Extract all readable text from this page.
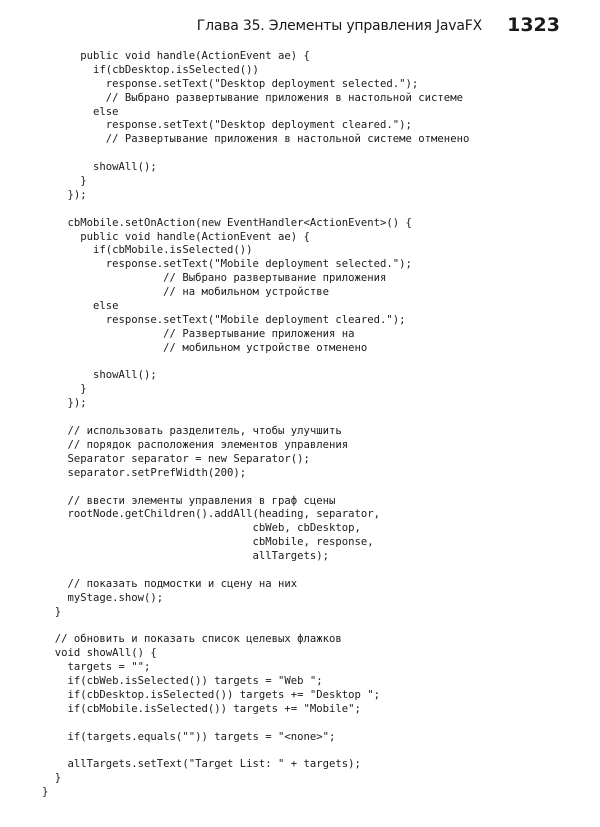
Глава 35. Элементы управления JavaFX 1323
public void handle(ActionEvent ae) {
if(cbDesktop.isSelected())
response.setText("Desktop deployment selected.");
// Выбрано развертывание приложения в настольной системе
else
response.setText("Desktop deployment cleared.");
// Развертывание приложения в настольной системе отменено
showAll();
}
});
cbMobile.setOnAction(new EventHandler<ActionEvent>() {
public void handle(ActionEvent ae) {
if(cbMobile.isSelected())
response.setText("Mobile deployment selected.");
// Выбрано развертывание приложения
// на мобильном устройстве
else
response.setText("Mobile deployment cleared.");
// Развертывание приложения на
// мобильном устройстве отменено
showAll();
}
});
// использовать разделитель, чтобы улучшить
// порядок расположения элементов управления
Separator separator = new Separator();
separator.setPrefWidth(200);
// ввести элементы управления в граф сцены
rootNode.getChildren().addAll(heading, separator,
cbWeb, cbDesktop,
cbMobile, response,
allTargets);
// показать подмостки и сцену на них
myStage.show();
}
// обновить и показать список целевых флажков
void showAll() {
targets = "";
if(cbWeb.isSelected()) targets = "Web ";
if(cbDesktop.isSelected()) targets += "Desktop ";
if(cbMobile.isSelected()) targets += "Mobile";
if(targets.equals("")) targets = "<none>";
allTargets.setText("Target List: " + targets);
}
}
